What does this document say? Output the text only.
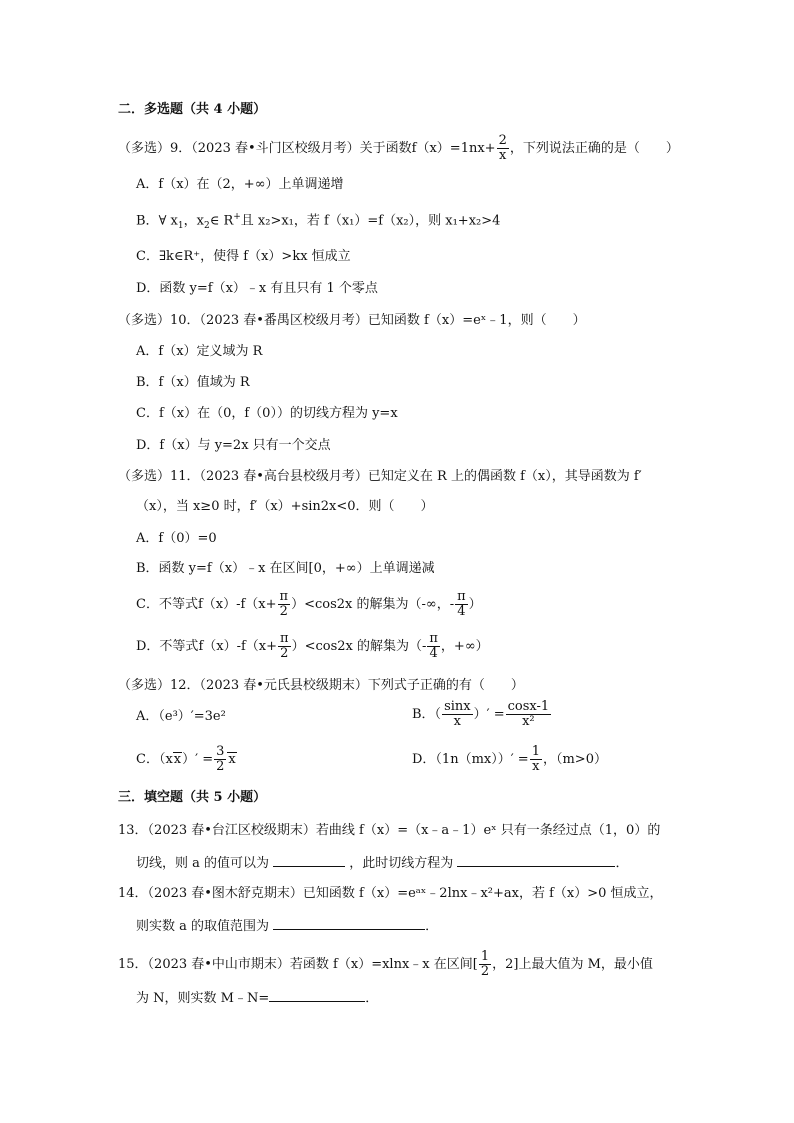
二．多选题（共 4 小题）
（多选）9．（2023 春•斗门区校级月考）关于函数$f(x)=1nx+ \frac{2}{x}$ ，下列说法正确的是（　　）
A．f（x）在（2，+∞）上单调递增
B．∀ $x_1$，$x_2\in$ R+且 x₂>x₁，若 f（x₁）=f（x₂），则 x₁+x₂>4
C．∃k∈R⁺，使得 f（x）>kx 恒成立
D．函数 y=f（x）﹣x 有且只有 1 个零点
（多选）10．（2023 春•番禺区校级月考）已知函数 f（x）=eˣ﹣1，则（　　）
A．f（x）定义域为 R
B．f（x）值域为 R
C．f（x）在（0，f（0））的切线方程为 y=x
D．f（x）与 y=2x 只有一个交点
（多选）11．（2023 春•高台县校级月考）已知定义在 R 上的偶函数 f（x），其导函数为 f′
（x），当 x≥0 时，f′（x）+sin2x<0．则（　　）
A．f（0）=0
B．函数 y=f（x）﹣x 在区间[0，+∞）上单调递减
C．不等式$f(x)-f(x+ \frac{\pi}{2} )<\cos 2x$ 的解集为（-∞，- $\frac{\pi}{4}$ ）
D．不等式$f(x)-f(x+ \frac{\pi}{2} )<\cos 2x$ 的解集为（- $\frac{\pi}{4}$ ，+∞）
（多选）12．（2023 春•元氏县校级期末）下列式子正确的有（　　）
A．（e³）′=3e²	B．（ $\frac{\sin x}{x}$ ）′ = $\frac{\cos x-1}{\text{x²}}$
C．$(xx)' = \frac{3}{2}$ x	D．$(1n(mx))' = \frac{1}{x}$ ，（m>0）
三．填空题（共 5 小题）
13．（2023 春•台江区校级期末）若曲线 f（x）=（x﹣a﹣1）eˣ 只有一条经过点（1，0）的
切线，则 a 的值可以为	，此时切线方程为	．
14．（2023 春•图木舒克期末）已知函数 f（x）=eᵃˣ﹣2lnx﹣x²+ax，若 f（x）>0 恒成立，
则实数 a 的取值范围为	．
15．（2023 春•中山市期末）若函数 f（x）=xlnx﹣x 在区间[ $\frac{1}{2}$ ，2]上最大值为 M，最小值
为 N，则实数 M﹣N=	．
